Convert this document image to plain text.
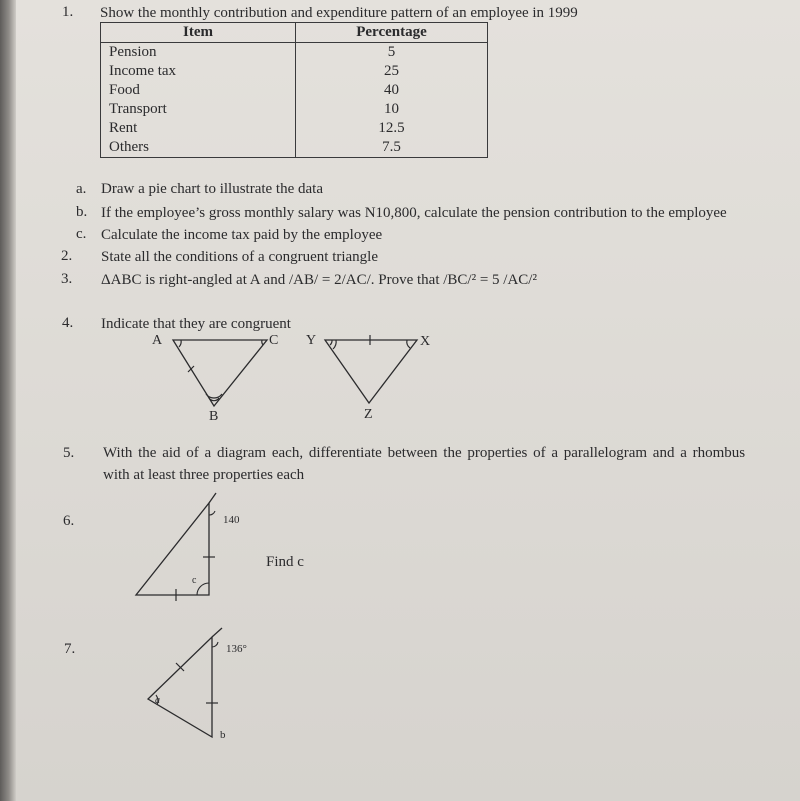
1. Show the monthly contribution and expenditure pattern of an employee in 1999
Item	Percentage
Pension	5
Income tax	25
Food	40
Transport	10
Rent	12.5
Others	7.5
a. Draw a pie chart to illustrate the data
b. If the employee’s gross monthly salary was N10,800, calculate the pension contribution to the employee
c. Calculate the income tax paid by the employee
2. State all the conditions of a congruent triangle
3. ΔABC is right-angled at A and /AB/ = 2/AC/. Prove that /BC/² = 5 /AC/²
4. Indicate that they are congruent
A	C
B
Y	X
Z
5. With the aid of a diagram each, differentiate between the properties of a parallelogram and a rhombus
with at least three properties each
6.	140
c
Find c
7.	136°
a
b
